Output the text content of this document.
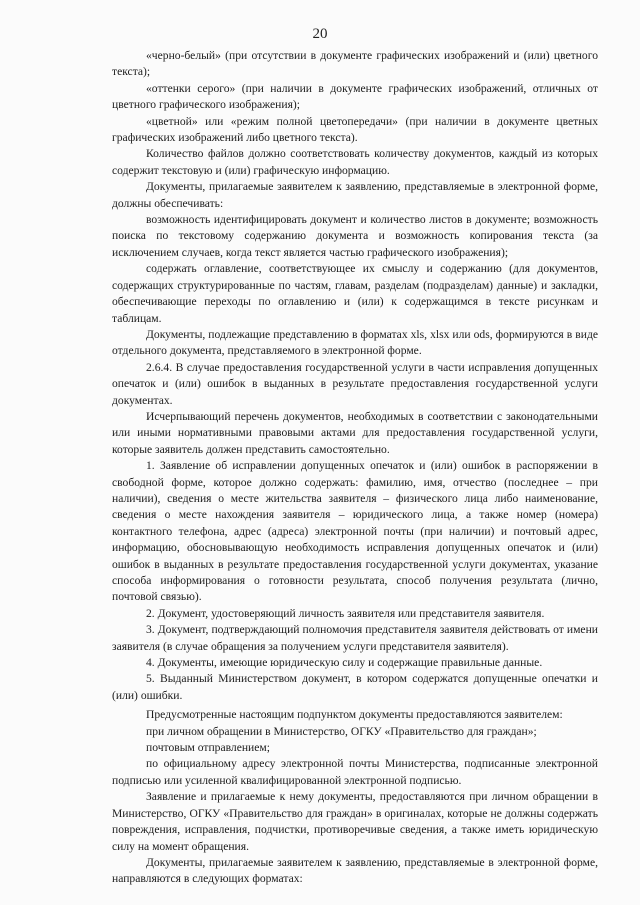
20

«черно-белый» (при отсутствии в документе графических изображений и (или) цветного текста);

«оттенки серого» (при наличии в документе графических изображений, отличных от цветного графического изображения);

«цветной» или «режим полной цветопередачи» (при наличии в документе цветных графических изображений либо цветного текста).

Количество файлов должно соответствовать количеству документов, каждый из которых содержит текстовую и (или) графическую информацию.

Документы, прилагаемые заявителем к заявлению, представляемые в электронной форме, должны обеспечивать:

возможность идентифицировать документ и количество листов в документе; возможность поиска по текстовому содержанию документа и возможность копирования текста (за исключением случаев, когда текст является частью графического изображения);

содержать оглавление, соответствующее их смыслу и содержанию (для документов, содержащих структурированные по частям, главам, разделам (подразделам) данные) и закладки, обеспечивающие переходы по оглавлению и (или) к содержащимся в тексте рисункам и таблицам.

Документы, подлежащие представлению в форматах xls, xlsx или ods, формируются в виде отдельного документа, представляемого в электронной форме.

2.6.4. В случае предоставления государственной услуги в части исправления допущенных опечаток и (или) ошибок в выданных в результате предоставления государственной услуги документах.

Исчерпывающий перечень документов, необходимых в соответствии с законодательными или иными нормативными правовыми актами для предоставления государственной услуги, которые заявитель должен представить самостоятельно.

1. Заявление об исправлении допущенных опечаток и (или) ошибок в распоряжении в свободной форме, которое должно содержать: фамилию, имя, отчество (последнее – при наличии), сведения о месте жительства заявителя – физического лица либо наименование, сведения о месте нахождения заявителя – юридического лица, а также номер (номера) контактного телефона, адрес (адреса) электронной почты (при наличии) и почтовый адрес, информацию, обосновывающую необходимость исправления допущенных опечаток и (или) ошибок в выданных в результате предоставления государственной услуги документах, указание способа информирования о готовности результата, способ получения результата (лично, почтовой связью).

2. Документ, удостоверяющий личность заявителя или представителя заявителя.

3. Документ, подтверждающий полномочия представителя заявителя действовать от имени заявителя (в случае обращения за получением услуги представителя заявителя).

4. Документы, имеющие юридическую силу и содержащие правильные данные.

5. Выданный Министерством документ, в котором содержатся допущенные опечатки и (или) ошибки.

Предусмотренные настоящим подпунктом документы предоставляются заявителем:

при личном обращении в Министерство, ОГКУ «Правительство для граждан»;

почтовым отправлением;

по официальному адресу электронной почты Министерства, подписанные электронной подписью или усиленной квалифицированной электронной подписью.

Заявление и прилагаемые к нему документы, предоставляются при личном обращении в Министерство, ОГКУ «Правительство для граждан» в оригиналах, которые не должны содержать повреждения, исправления, подчистки, противоречивые сведения, а также иметь юридическую силу на момент обращения.

Документы, прилагаемые заявителем к заявлению, представляемые в электронной форме, направляются в следующих форматах:
